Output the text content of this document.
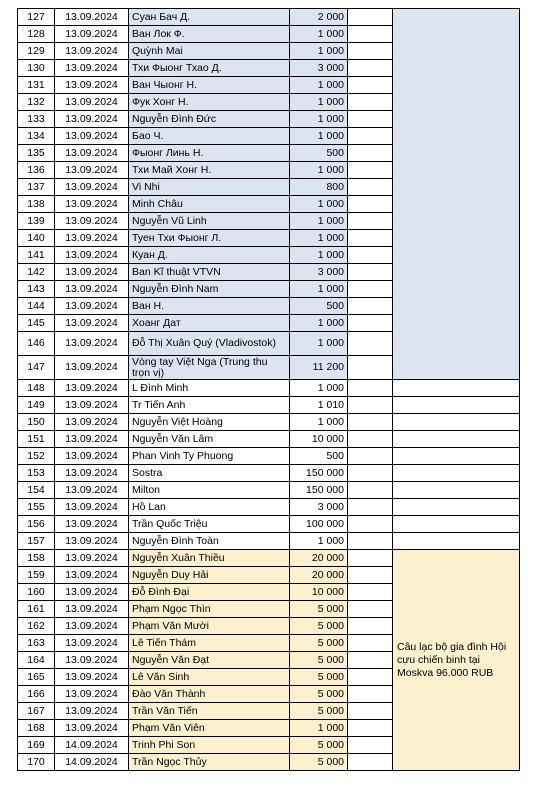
127	13.09.2024	Суан Бач Д.	2 000		
128	13.09.2024	Ван Лок Ф.	1 000		
129	13.09.2024	Quỳnh Mai	1 000		
130	13.09.2024	Тхи Фыонг Тхао Д.	3 000		
131	13.09.2024	Ван Чыонг Н.	1 000		
132	13.09.2024	Фук Хонг Н.	1 000		
133	13.09.2024	Nguyễn Đình Đức	1 000		
134	13.09.2024	Бао Ч.	1 000		
135	13.09.2024	Фыонг Линь Н.	500		
136	13.09.2024	Тхи Май Хонг Н.	1 000		
137	13.09.2024	Vi Nhi	800		
138	13.09.2024	Minh Châu	1 000		
139	13.09.2024	Nguyễn Vũ Linh	1 000		
140	13.09.2024	Туен Тхи Фыонг Л.	1 000		
141	13.09.2024	Куан Д.	1 000		
142	13.09.2024	Ban Kĩ thuật VTVN	3 000		
143	13.09.2024	Nguyễn Đình Nam	1 000		
144	13.09.2024	Ван Н.	500		
145	13.09.2024	Хоанг Дат	1 000		
146	13.09.2024	Đỗ Thị Xuân Quý (Vladivostok)	1 000		
147	13.09.2024	Vòng tay Việt Nga (Trung thu trọn vị)	11 200		
148	13.09.2024	L Đình Minh	1 000		
149	13.09.2024	Tr Tiến Anh	1 010		
150	13.09.2024	Nguyễn Việt Hoàng	1 000		
151	13.09.2024	Nguyễn Văn Lâm	10 000		
152	13.09.2024	Phan Vinh Ty Phuong	500		
153	13.09.2024	Sostra	150 000		
154	13.09.2024	Milton	150 000		
155	13.09.2024	Hồ Lan	3 000		
156	13.09.2024	Trần Quốc Triệu	100 000		
157	13.09.2024	Nguyễn Đình Toàn	1 000		
158	13.09.2024	Nguyễn Xuân Thiều	20 000		Câu lạc bộ gia đình Hội cựu chiến binh tại Moskva 96.000 RUB
159	13.09.2024	Nguyễn Duy Hải	20 000		
160	13.09.2024	Đỗ Đình Đại	10 000		
161	13.09.2024	Phạm Ngọc Thìn	5 000		
162	13.09.2024	Phạm Văn Mười	5 000		
163	13.09.2024	Lê Tiến Thám	5 000		
164	13.09.2024	Nguyễn Văn Đạt	5 000		
165	13.09.2024	Lê Văn Sinh	5 000		
166	13.09.2024	Đào Văn Thành	5 000		
167	13.09.2024	Trần Văn Tiến	5 000		
168	13.09.2024	Phạm Văn Viên	1 000		
169	14.09.2024	Trinh Phi Son	5 000		
170	14.09.2024	Trần Ngọc Thủy	5 000		
